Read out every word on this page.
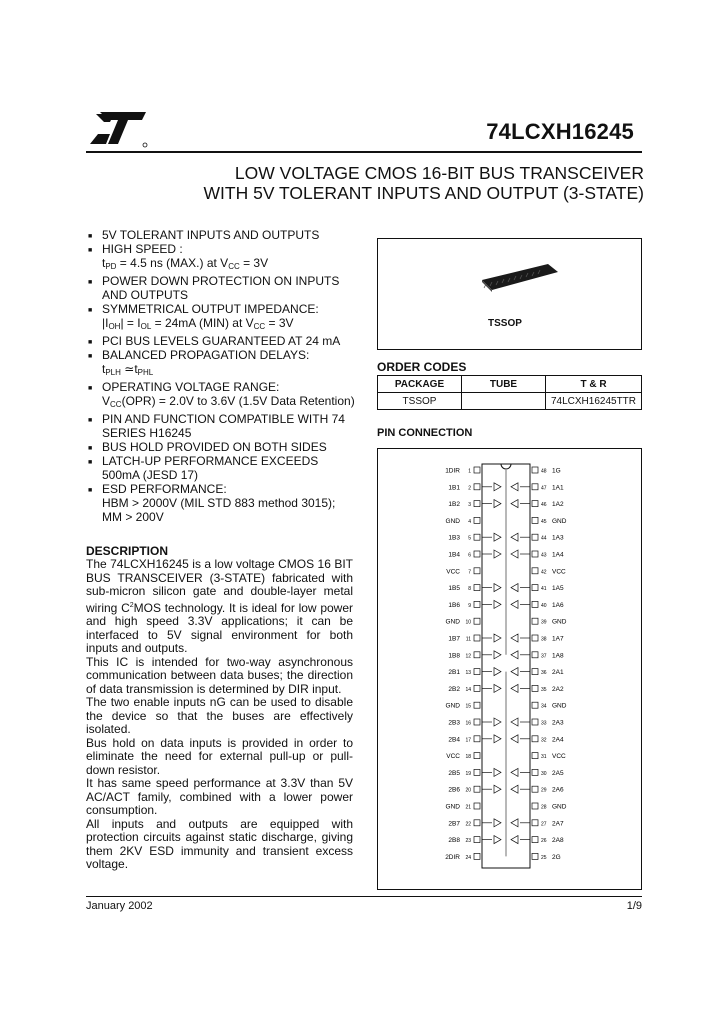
74LCXH16245
LOW VOLTAGE CMOS 16-BIT BUS TRANSCEIVER
WITH 5V TOLERANT INPUTS AND OUTPUT (3-STATE)
■ 5V TOLERANT INPUTS AND OUTPUTS
■ HIGH SPEED :
$t_{PD} = 4.5$ ns (MAX.) at $V_{CC} = 3V$
■ POWER DOWN PROTECTION ON INPUTS AND OUTPUTS
■ SYMMETRICAL OUTPUT IMPEDANCE:
$|I_{OH}| = I_{OL} = 24mA$ (MIN) at $V_{CC} = 3V$
■ PCI BUS LEVELS GUARANTEED AT 24 mA
■ BALANCED PROPAGATION DELAYS:
$t_{PLH}$ $≃t_{PHL}$
■ OPERATING VOLTAGE RANGE:
$V_{CC}(OPR) = 2.0V$ to 3.6V (1.5V Data Retention)
■ PIN AND FUNCTION COMPATIBLE WITH 74 SERIES H16245
■ BUS HOLD PROVIDED ON BOTH SIDES
■ LATCH-UP PERFORMANCE EXCEEDS 500mA (JESD 17)
■ ESD PERFORMANCE:
HBM > 2000V (MIL STD 883 method 3015);
MM > 200V
DESCRIPTION

The 74LCXH16245 is a low voltage CMOS 16 BIT BUS TRANSCEIVER (3-STATE) fabricated with sub-micron silicon gate and double-layer metal wiring $C^2MOS$ technology. It is ideal for low power and high speed 3.3V applications; it can be interfaced to 5V signal environment for both inputs and outputs.

This IC is intended for two-way asynchronous communication between data buses; the direction of data transmission is determined by DIR input.

The two enable inputs nG can be used to disable the device so that the buses are effectively isolated.

Bus hold on data inputs is provided in order to eliminate the need for external pull-up or pull-down resistor.

It has same speed performance at 3.3V than 5V AC/ACT family, combined with a lower power consumption.

All inputs and outputs are equipped with protection circuits against static discharge, giving them 2KV ESD immunity and transient excess voltage.

TSSOP
ORDER CODES
PACKAGE	TUBE	T & R
TSSOP		74LCXH16245TTR
PIN CONNECTION
1DIR 1	48 1G
1B1 2	47 1A1
1B2 3	46 1A2
GND 4	45 GND
1B3 5	44 1A3
1B4 6	43 1A4
VCC 7	42 VCC
1B5 8	41 1A5
1B6 9	40 1A6
GND 10	39 GND
1B7 11	38 1A7
1B8 12	37 1A8
2B1 13	36 2A1
2B2 14	35 2A2
GND 15	34 GND
2B3 16	33 2A3
2B4 17	32 2A4
VCC 18	31 VCC
2B5 19	30 2A5
2B6 20	29 2A6
GND 21	28 GND
2B7 22	27 2A7
2B8 23	26 2A8
2DIR 24	25 2G
January 2002	1/9
